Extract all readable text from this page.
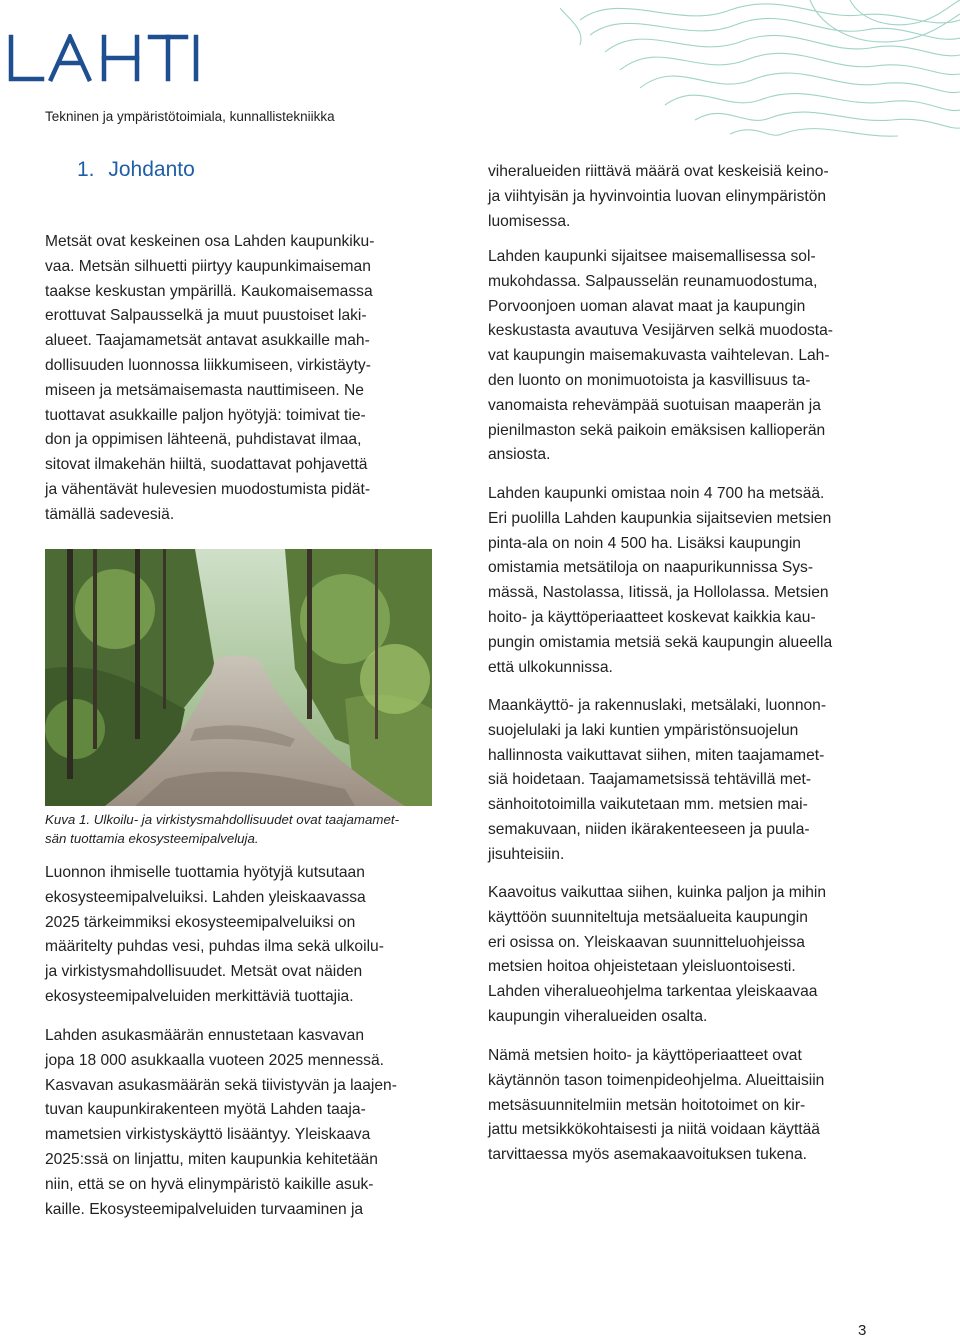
Tekninen ja ympäristötoimiala, kunnallistekniikka
1. Johdanto
Metsät ovat keskeinen osa Lahden kaupunkiku-
vaa. Metsän silhuetti piirtyy kaupunkimaiseman
taakse keskustan ympärillä. Kaukomaisemassa
erottuvat Salpausselkä ja muut puustoiset laki-
alueet. Taajamametsät antavat asukkaille mah-
dollisuuden luonnossa liikkumiseen, virkistäyty-
miseen ja metsämaisemasta nauttimiseen. Ne
tuottavat asukkaille paljon hyötyjä: toimivat tie-
don ja oppimisen lähteenä, puhdistavat ilmaa,
sitovat ilmakehän hiiltä, suodattavat pohjavettä
ja vähentävät hulevesien muodostumista pidät-
tämällä sadevesiä.
Kuva 1. Ulkoilu- ja virkistysmahdollisuudet ovat taajamamet-
sän tuottamia ekosysteemipalveluja.
Luonnon ihmiselle tuottamia hyötyjä kutsutaan
ekosysteemipalveluiksi. Lahden yleiskaavassa
2025 tärkeimmiksi ekosysteemipalveluiksi on
määritelty puhdas vesi, puhdas ilma sekä ulkoilu-
ja virkistysmahdollisuudet. Metsät ovat näiden
ekosysteemipalveluiden merkittäviä tuottajia.
Lahden asukasmäärän ennustetaan kasvavan
jopa 18 000 asukkaalla vuoteen 2025 mennessä.
Kasvavan asukasmäärän sekä tiivistyvän ja laajen-
tuvan kaupunkirakenteen myötä Lahden taaja-
mametsien virkistyskäyttö lisääntyy. Yleiskaava
2025:ssä on linjattu, miten kaupunkia kehitetään
niin, että se on hyvä elinympäristö kaikille asuk-
kaille. Ekosysteemipalveluiden turvaaminen ja
viheralueiden riittävä määrä ovat keskeisiä keino-
ja viihtyisän ja hyvinvointia luovan elinympäristön
luomisessa.
Lahden kaupunki sijaitsee maisemallisessa sol-
mukohdassa. Salpausselän reunamuodostuma,
Porvoonjoen uoman alavat maat ja kaupungin
keskustasta avautuva Vesijärven selkä muodosta-
vat kaupungin maisemakuvasta vaihtelevan. Lah-
den luonto on monimuotoista ja kasvillisuus ta-
vanomaista rehevämpää suotuisan maaperän ja
pienilmaston sekä paikoin emäksisen kallioperän
ansiosta.
Lahden kaupunki omistaa noin 4 700 ha metsää.
Eri puolilla Lahden kaupunkia sijaitsevien metsien
pinta-ala on noin 4 500 ha. Lisäksi kaupungin
omistamia metsätiloja on naapurikunnissa Sys-
mässä, Nastolassa, Iitissä, ja Hollolassa. Metsien
hoito- ja käyttöperiaatteet koskevat kaikkia kau-
pungin omistamia metsiä sekä kaupungin alueella
että ulkokunnissa.
Maankäyttö- ja rakennuslaki, metsälaki, luonnon-
suojelulaki ja laki kuntien ympäristönsuojelun
hallinnosta vaikuttavat siihen, miten taajamamet-
siä hoidetaan. Taajamametsissä tehtävillä met-
sänhoitotoimilla vaikutetaan mm. metsien mai-
semakuvaan, niiden ikärakenteeseen ja puula-
jisuhteisiin.
Kaavoitus vaikuttaa siihen, kuinka paljon ja mihin
käyttöön suunniteltuja metsäalueita kaupungin
eri osissa on. Yleiskaavan suunnitteluohjeissa
metsien hoitoa ohjeistetaan yleisluontoisesti.
Lahden viheralueohjelma tarkentaa yleiskaavaa
kaupungin viheralueiden osalta.
Nämä metsien hoito- ja käyttöperiaatteet ovat
käytännön tason toimenpideohjelma. Alueittaisiin
metsäsuunnitelmiin metsän hoitotoimet on kir-
jattu metsikkökohtaisesti ja niitä voidaan käyttää
tarvittaessa myös asemakaavoituksen tukena.
3
